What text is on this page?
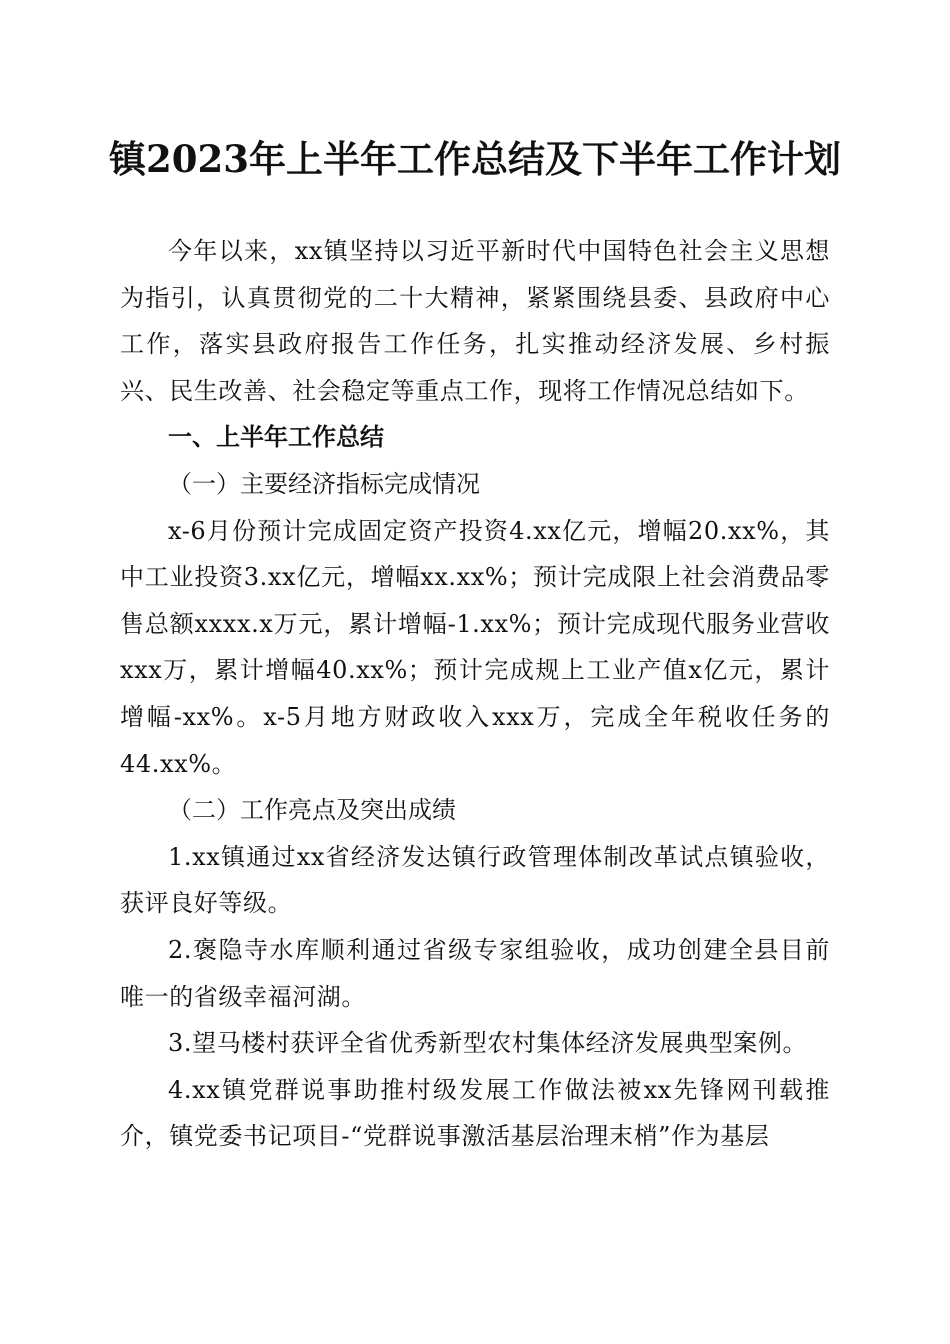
镇2023年上半年工作总结及下半年工作计划

今年以来，xx镇坚持以习近平新时代中国特色社会主义思想为指引，认真贯彻党的二十大精神，紧紧围绕县委、县政府中心工作，落实县政府报告工作任务，扎实推动经济发展、乡村振兴、民生改善、社会稳定等重点工作，现将工作情况总结如下。

一、上半年工作总结

（一）主要经济指标完成情况

x-6月份预计完成固定资产投资4.xx亿元，增幅20.xx%，其中工业投资3.xx亿元，增幅xx.xx%；预计完成限上社会消费品零售总额xxxx.x万元，累计增幅-1.xx%；预计完成现代服务业营收xxx万，累计增幅40.xx%；预计完成规上工业产值x亿元，累计增幅-xx%。x-5月地方财政收入xxx万，完成全年税收任务的44.xx%。

（二）工作亮点及突出成绩

1.xx镇通过xx省经济发达镇行政管理体制改革试点镇验收，获评良好等级。

2.褒隐寺水库顺利通过省级专家组验收，成功创建全县目前唯一的省级幸福河湖。

3.望马楼村获评全省优秀新型农村集体经济发展典型案例。

4.xx镇党群说事助推村级发展工作做法被xx先锋网刊载推介，镇党委书记项目-“党群说事激活基层治理末梢”作为基层
